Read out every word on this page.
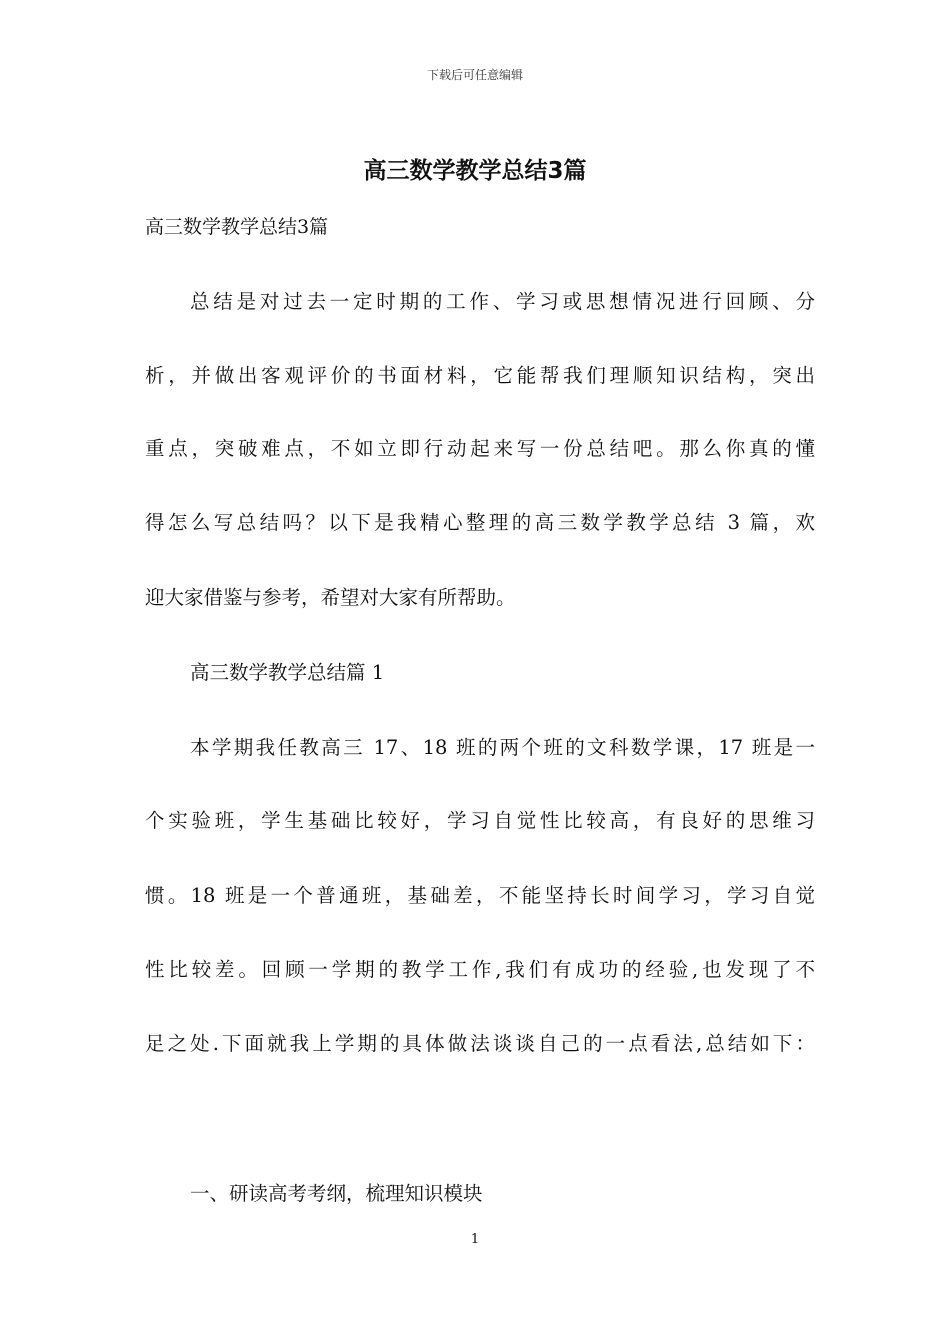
下载后可任意编辑
高三数学教学总结3篇

高三数学教学总结3篇

总结是对过去一定时期的工作、学习或思想情况进行回顾、分

析，并做出客观评价的书面材料，它能帮我们理顺知识结构，突出

重点，突破难点，不如立即行动起来写一份总结吧。那么你真的懂

得怎么写总结吗？以下是我精心整理的高三数学教学总结 3 篇，欢

迎大家借鉴与参考，希望对大家有所帮助。

高三数学教学总结篇 1

本学期我任教高三 17、18 班的两个班的文科数学课，17 班是一

个实验班，学生基础比较好，学习自觉性比较高，有良好的思维习

惯。18 班是一个普通班，基础差，不能坚持长时间学习，学习自觉

性比较差。回顾一学期的教学工作,我们有成功的经验,也发现了不

足之处.下面就我上学期的具体做法谈谈自己的一点看法,总结如下：

一、研读高考考纲，梳理知识模块

1
